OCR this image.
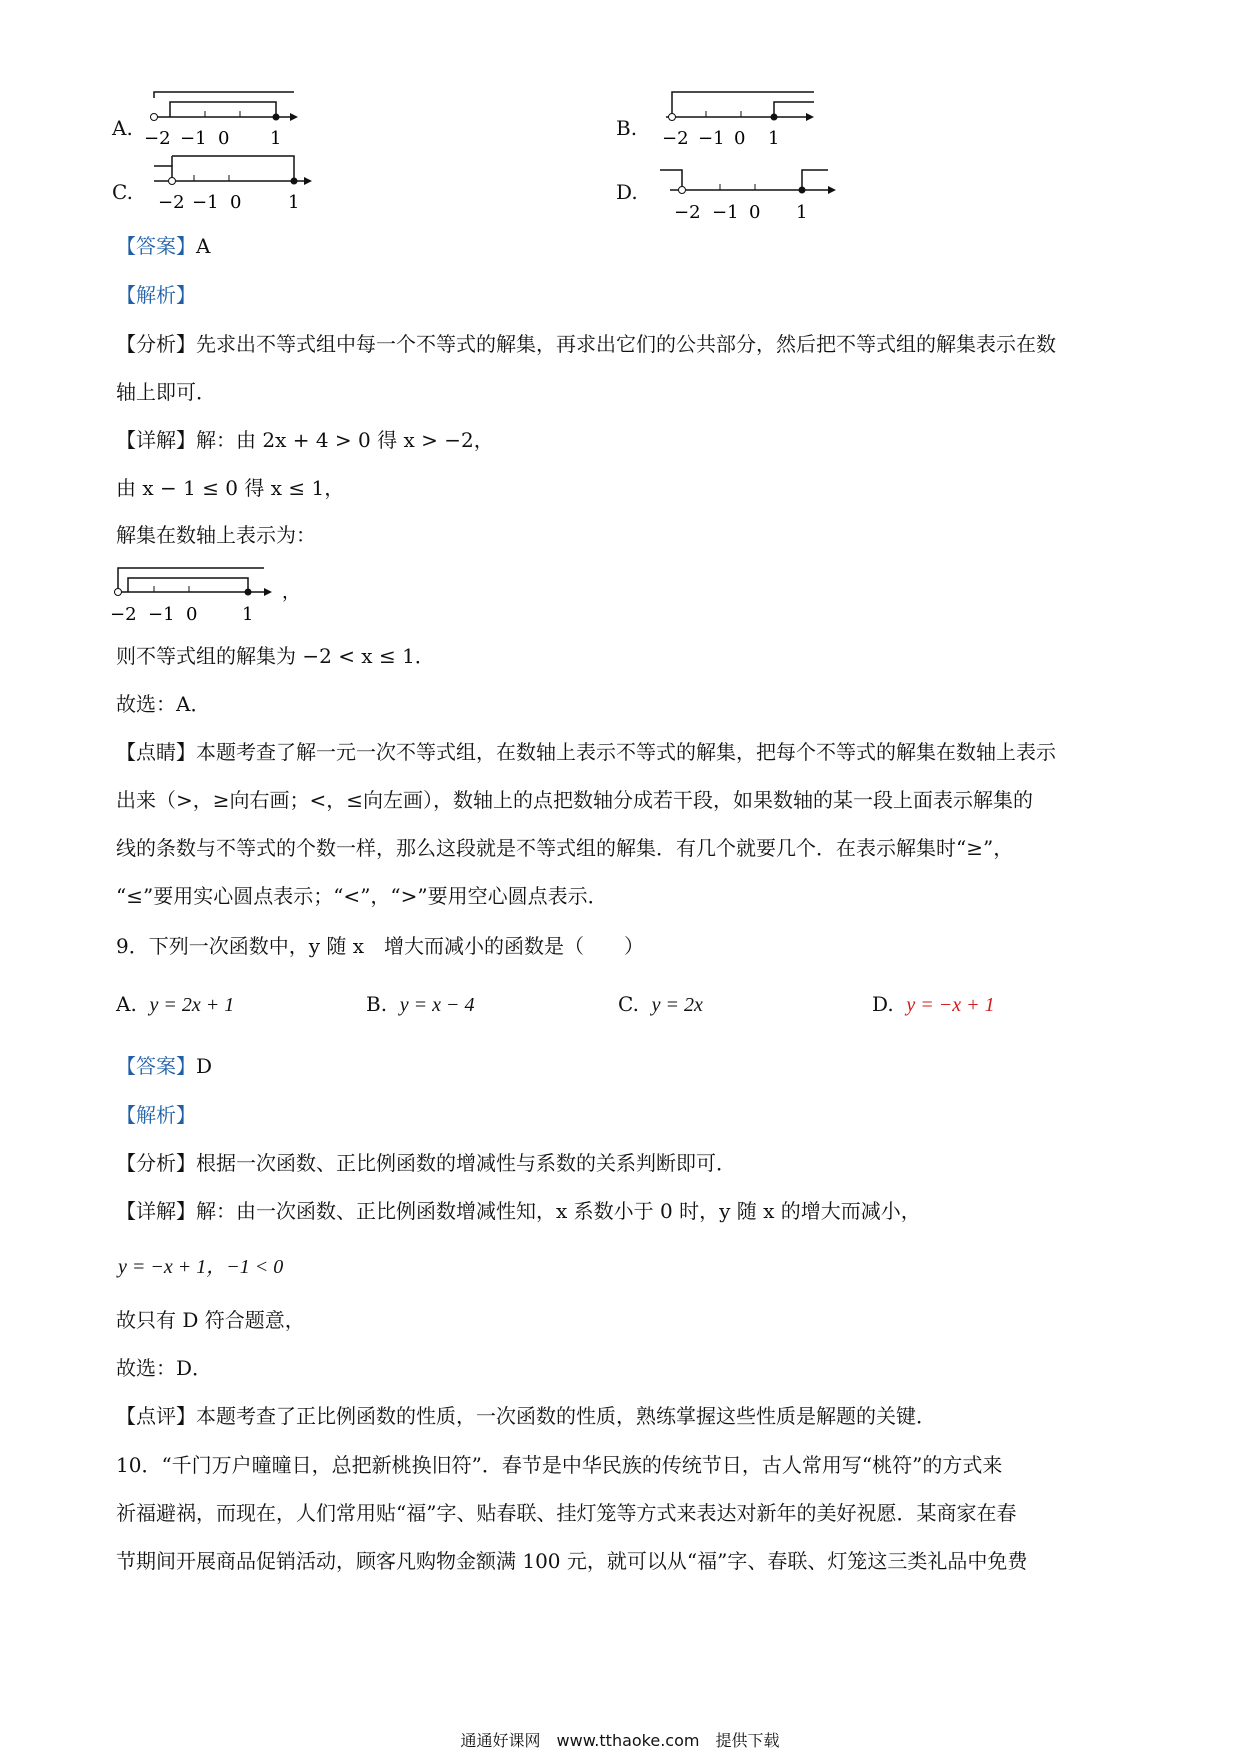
A. −2 −1 0 1	B. −2 −1 0 1
C. −2 −1 0	1	D.
−2 −1 0 1
【答案】A
【解析】
【分析】先求出不等式组中每一个不等式的解集，再求出它们的公共部分，然后把不等式组的解集表示在数
轴上即可．
【详解】解：由 2x + 4 > 0 得 x > −2，
由 x − 1 ≤ 0 得 x ≤ 1，
解集在数轴上表示为：
−2 −1 0 1
，
则不等式组的解集为 −2 < x ≤ 1．
故选：A．
【点睛】本题考查了解一元一次不等式组，在数轴上表示不等式的解集，把每个不等式的解集在数轴上表示
出来（>，≥向右画；<，≤向左画），数轴上的点把数轴分成若干段，如果数轴的某一段上面表示解集的
线的条数与不等式的个数一样，那么这段就是不等式组的解集．有几个就要几个．在表示解集时“≥”，
“≤”要用实心圆点表示；“<”，“>”要用空心圆点表示．
9．下列一次函数中，y 随 x　增大而减小的函数是（　　）
A. y = 2x + 1	B. y = x − 4	C. y = 2x	D. y = −x + 1
【答案】D
【解析】
【分析】根据一次函数、正比例函数的增减性与系数的关系判断即可．
【详解】解：由一次函数、正比例函数增减性知，x 系数小于 0 时，y 随 x 的增大而减小，
y = −x + 1，−1 < 0
故只有 D 符合题意，
故选：D．
【点评】本题考查了正比例函数的性质，一次函数的性质，熟练掌握这些性质是解题的关键．
10．“千门万户曈曈日，总把新桃换旧符”．春节是中华民族的传统节日，古人常用写“桃符”的方式来
祈福避祸，而现在，人们常用贴“福”字、贴春联、挂灯笼等方式来表达对新年的美好祝愿．某商家在春
节期间开展商品促销活动，顾客凡购物金额满 100 元，就可以从“福”字、春联、灯笼这三类礼品中免费
通通好课网　www.tthaoke.com　提供下载
